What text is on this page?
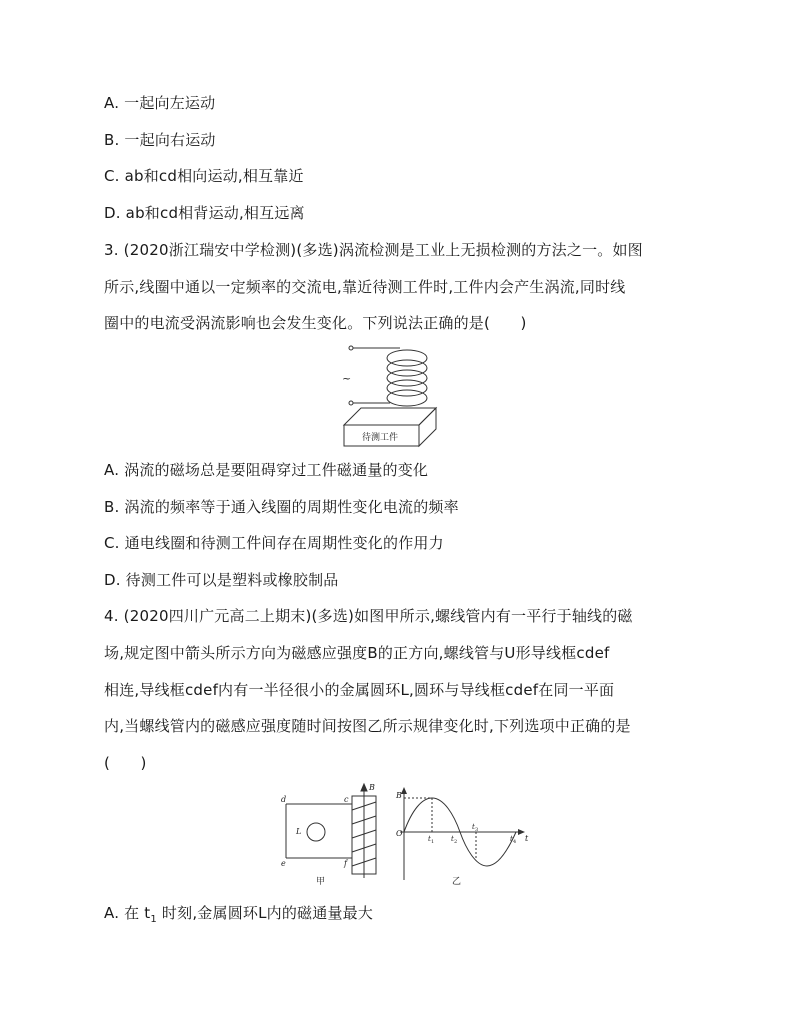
A. 一起向左运动
B. 一起向右运动
C. ab和cd相向运动,相互靠近
D. ab和cd相背运动,相互远离
3. (2020浙江瑞安中学检测)(多选)涡流检测是工业上无损检测的方法之一。如图
所示,线圈中通以一定频率的交流电,靠近待测工件时,工件内会产生涡流,同时线
圈中的电流受涡流影响也会发生变化。下列说法正确的是(　　)
~
待测工件
A. 涡流的磁场总是要阻碍穿过工件磁通量的变化
B. 涡流的频率等于通入线圈的周期性变化电流的频率
C. 通电线圈和待测工件间存在周期性变化的作用力
D. 待测工件可以是塑料或橡胶制品
4. (2020四川广元高二上期末)(多选)如图甲所示,螺线管内有一平行于轴线的磁
场,规定图中箭头所示方向为磁感应强度B的正方向,螺线管与U形导线框cdef
相连,导线框cdef内有一半径很小的金属圆环L,圆环与导线框cdef在同一平面
内,当螺线管内的磁感应强度随时间按图乙所示规律变化时,下列选项中正确的是
(　　)
d	c
e	f
L
B
甲
B
O
t
t 1 t 2
t 3
t 4
乙
A. 在 $t_1$ 时刻,金属圆环L内的磁通量最大
